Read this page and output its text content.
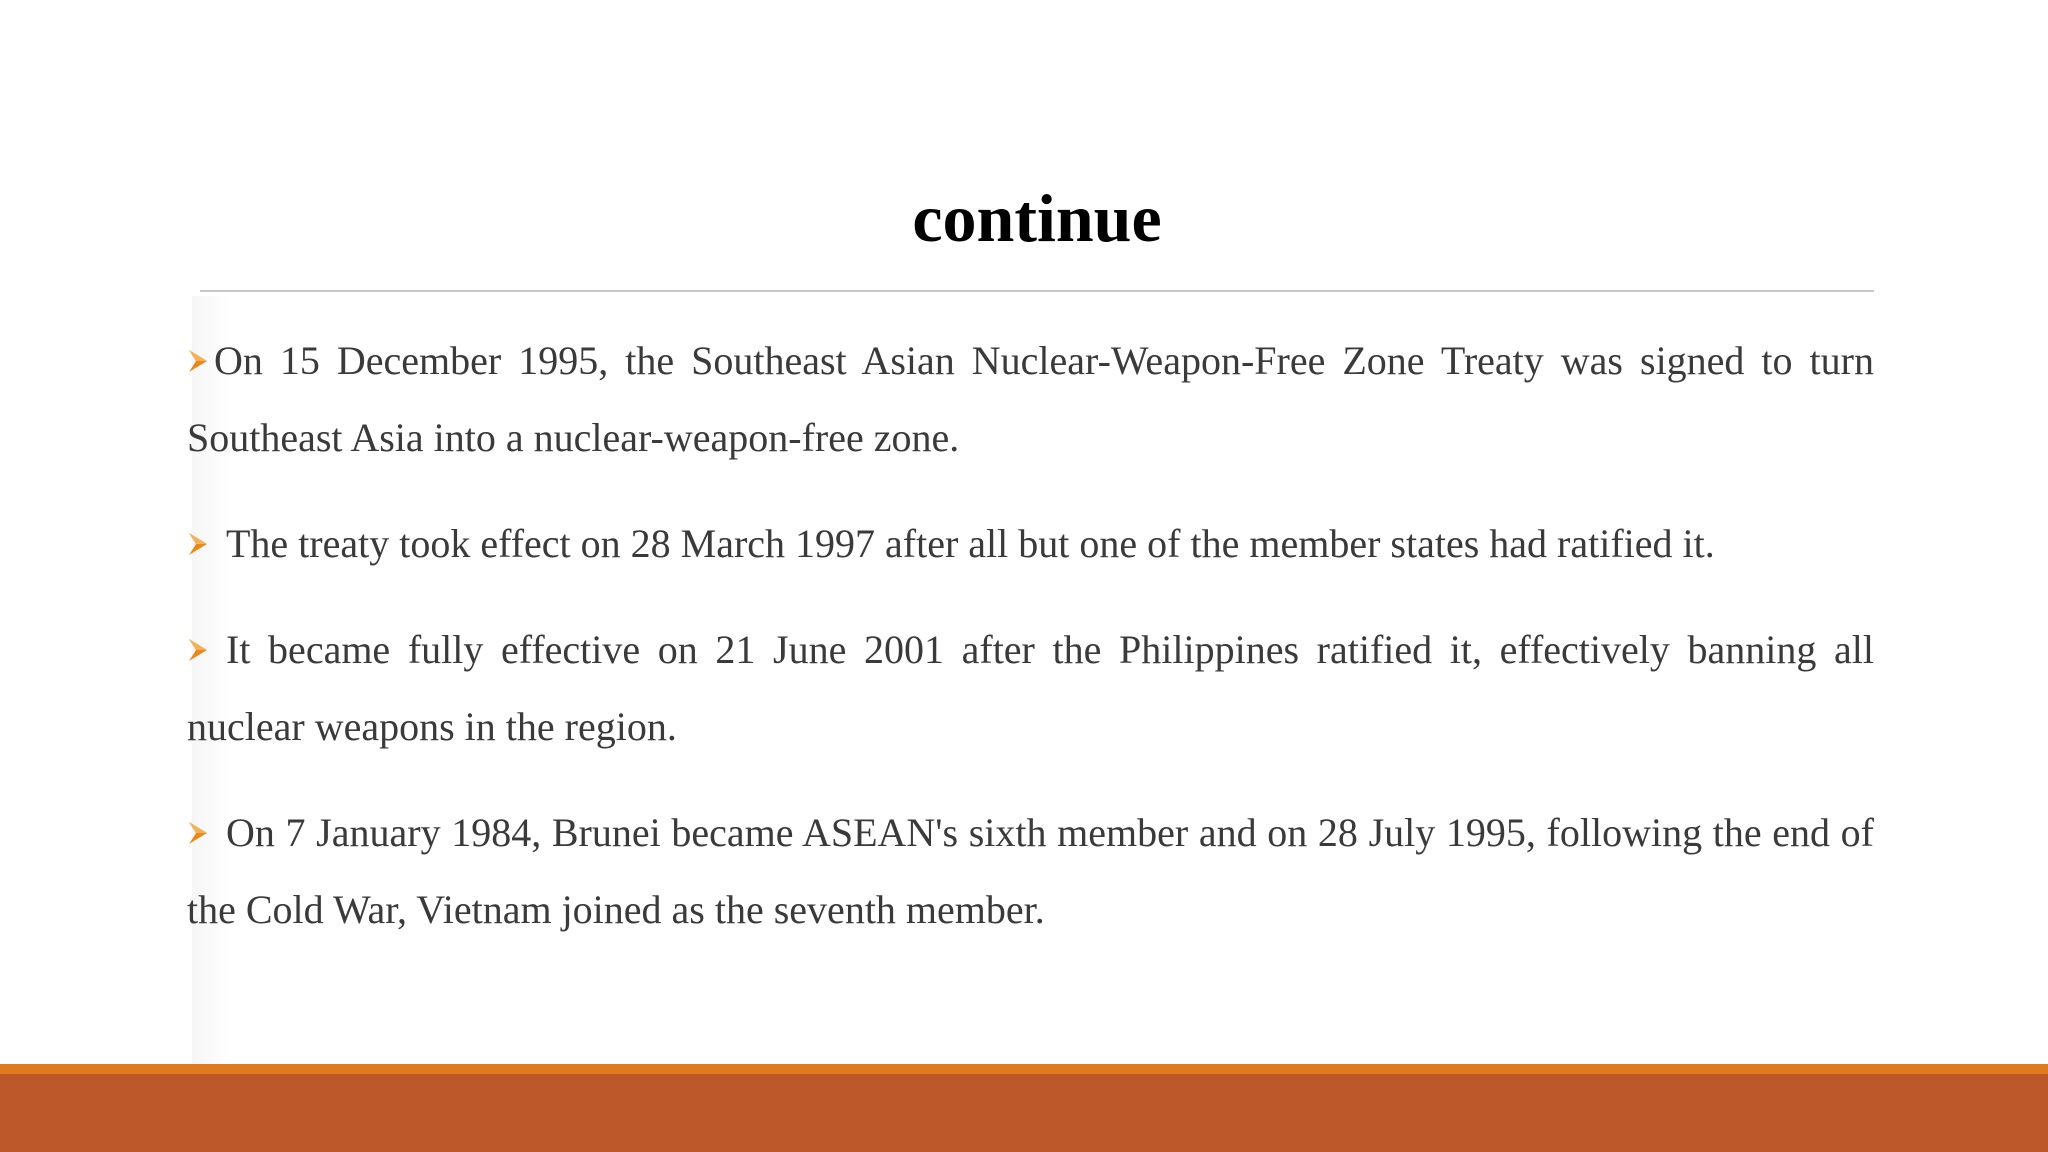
continue
On 15 December 1995, the Southeast Asian Nuclear-Weapon-Free Zone Treaty was signed to turn Southeast Asia into a nuclear-weapon-free zone.
The treaty took effect on 28 March 1997 after all but one of the member states had ratified it.
It became fully effective on 21 June 2001 after the Philippines ratified it, effectively banning all nuclear weapons in the region.
On 7 January 1984, Brunei became ASEAN's sixth member and on 28 July 1995, following the end of the Cold War, Vietnam joined as the seventh member.
